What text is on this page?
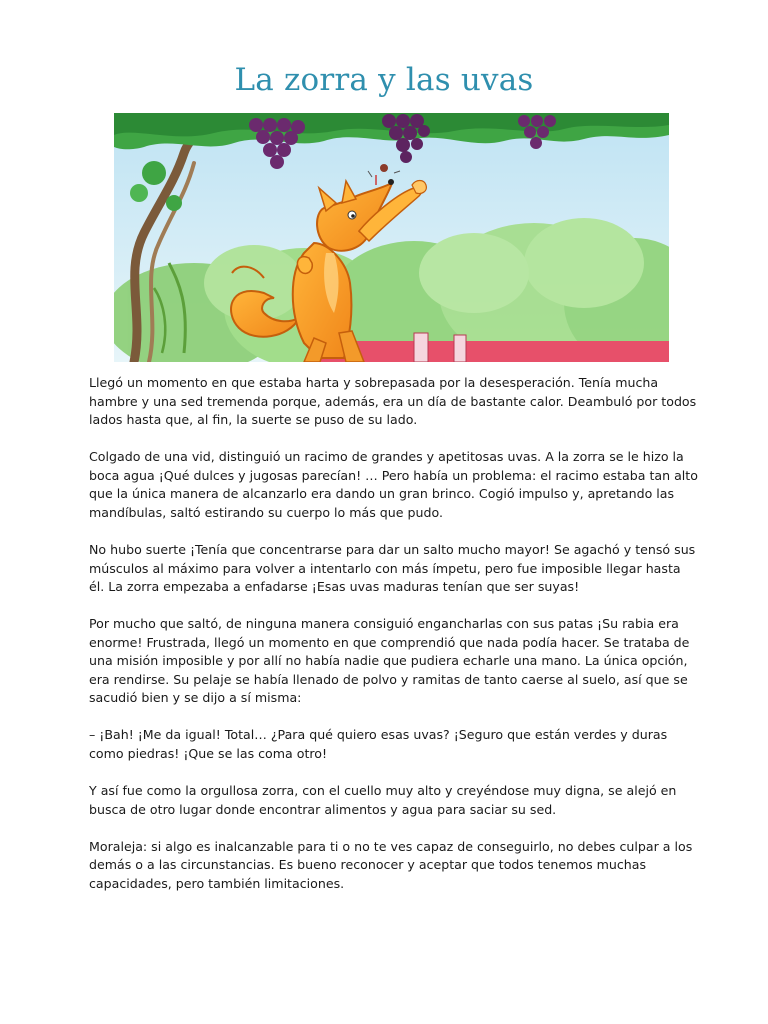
La zorra y las uvas

Llegó un momento en que estaba harta y sobrepasada por la desesperación. Tenía mucha hambre y una sed tremenda porque, además, era un día de bastante calor. Deambuló por todos lados hasta que, al fin, la suerte se puso de su lado.

Colgado de una vid, distinguió un racimo de grandes y apetitosas uvas. A la zorra se le hizo la boca agua ¡Qué dulces y jugosas parecían! … Pero había un problema: el racimo estaba tan alto que la única manera de alcanzarlo era dando un gran brinco. Cogió impulso y, apretando las mandíbulas, saltó estirando su cuerpo lo más que pudo.

No hubo suerte ¡Tenía que concentrarse para dar un salto mucho mayor! Se agachó y tensó sus músculos al máximo para volver a intentarlo con más ímpetu, pero fue imposible llegar hasta él. La zorra empezaba a enfadarse ¡Esas uvas maduras tenían que ser suyas!

Por mucho que saltó, de ninguna manera consiguió engancharlas con sus patas ¡Su rabia era enorme! Frustrada, llegó un momento en que comprendió que nada podía hacer. Se trataba de una misión imposible y por allí no había nadie que pudiera echarle una mano. La única opción, era rendirse. Su pelaje se había llenado de polvo y ramitas de tanto caerse al suelo, así que se sacudió bien y se dijo a sí misma:

– ¡Bah! ¡Me da igual! Total… ¿Para qué quiero esas uvas? ¡Seguro que están verdes y duras como piedras! ¡Que se las coma otro!

Y así fue como la orgullosa zorra, con el cuello muy alto y creyéndose muy digna, se alejó en busca de otro lugar donde encontrar alimentos y agua para saciar su sed.

Moraleja: si algo es inalcanzable para ti o no te ves capaz de conseguirlo, no debes culpar a los demás o a las circunstancias. Es bueno reconocer y aceptar que todos tenemos muchas capacidades, pero también limitaciones.
